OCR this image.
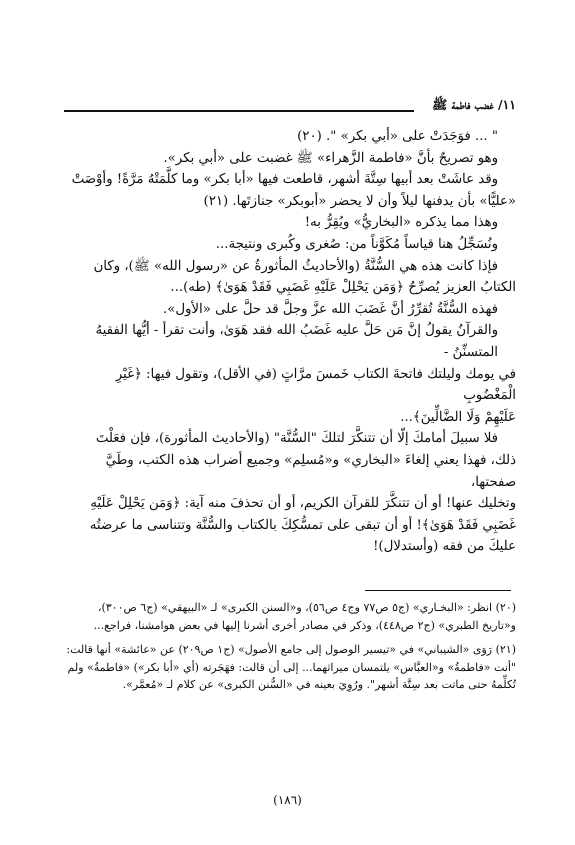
١١/ غضب فاطمة ﷺ

" ... فوَجَدَتْ على «أبي بكر» ". (٢٠)

وهو تصريحٌ بأنَّ «فاطمة الزَّهراء» ﷺ غضبت على «أبي بكر».

وقد عاشَتْ بعد أبيها سِتَّةَ أشهر، قاطعت فيها «أبا بكر» وما كلَّمَتْهُ مَرَّةً! وأوْصَتْ

«عليًّا» بأن يدفنها ليلاً وأن لا يحضر «أبوبكر» جنازتَها. (٢١)

وهذا مما يذكره «البخاريُّ» ويُقِرُّ به!

ونُسَجِّلُ هنا قياساً مُكَوَّناً من: صُغرى وكُبرى ونتيجة...

فإذا كانت هذه هي السُّنَّةُ (والأحاديثُ المأثورةُ عن «رسول الله» ﷺ)، وكان

الكتابُ العزيز يُصرِّحُ ﴿وَمَن يَحْلِلْ عَلَيْهِ غَضَبِي فَقَدْ هَوَىٰ﴾ (طه)...

فهذه السُّنَّةُ تُقرِّرُ أنَّ غَضَبَ الله عزَّ وجلَّ قد حلَّ على «الأول».

والقرآنُ يقولُ إنَّ مَن حَلَّ عليه غَضَبُ الله فقد هَوَىٰ، وأنت تقرأ - أيُّها الفقيهُ المتسنِّنُ -

في يومك وليلتك فاتحةَ الكتاب خَمسَ مرَّاتٍ (في الأقل)، وتقول فيها: ﴿غَيْرِ الْمَغْضُوبِ

عَلَيْهِمْ وَلَا الضَّالِّينَ﴾...

فلا سبيلَ أمامكَ إلّا أن تتنكَّرَ لتلكَ "السُّنَّة" (والأحاديث المأثورة)، فإن فعَلْتَ

ذلك، فهذا يعني إلغاءَ «البخاري» و«مُسلِم» وجميع أضراب هذه الكتب، وطَيَّ صفحتها،

وتخليك عنها! أو أن تتنكَّرَ للقرآن الكريم، أو أن تحذفَ منه آية: ﴿وَمَن يَحْلِلْ عَلَيْهِ

غَضَبِي فَقَدْ هَوَىٰ﴾! أو أن تبقى على تمسُّكِكَ بالكتاب والسُّنَّة وتتناسى ما عرضتُه

عليكَ من فقه (وأستدلال)!

(٢٠) انظر: «البخـاري» (ج٥ ص٧٧ وج٤ ص٥٦)، و«السنن الكبرى» لـ «البيهقي» (ج٦ ص٣٠٠)،

و«تاريخ الطبري» (ج٢ ص٤٤٨)، وذكر في مصادر أخرى أشرنا إليها في بعض هوامشنا، فراجع...

(٢١) رَوَى «الشيباني» في «تيسير الوصول إلى جامع الأصول» (ج١ ص٢٠٩) عن «عائشة» أنها قالت:

"أنت «فاطمةُ» و«العبَّاس» يلتمسان ميراثهما... إلى أن قالت: فهَجَرته (أي «أبا بكر») «فاطمةُ» ولم

تُكلِّمهُ حتى ماتت بعد سِتَّة أشهر". ورُوِيَ بعينه في «السُّنن الكبرى» عن كلام لـ «مُعمَّر».

(١٨٦)
